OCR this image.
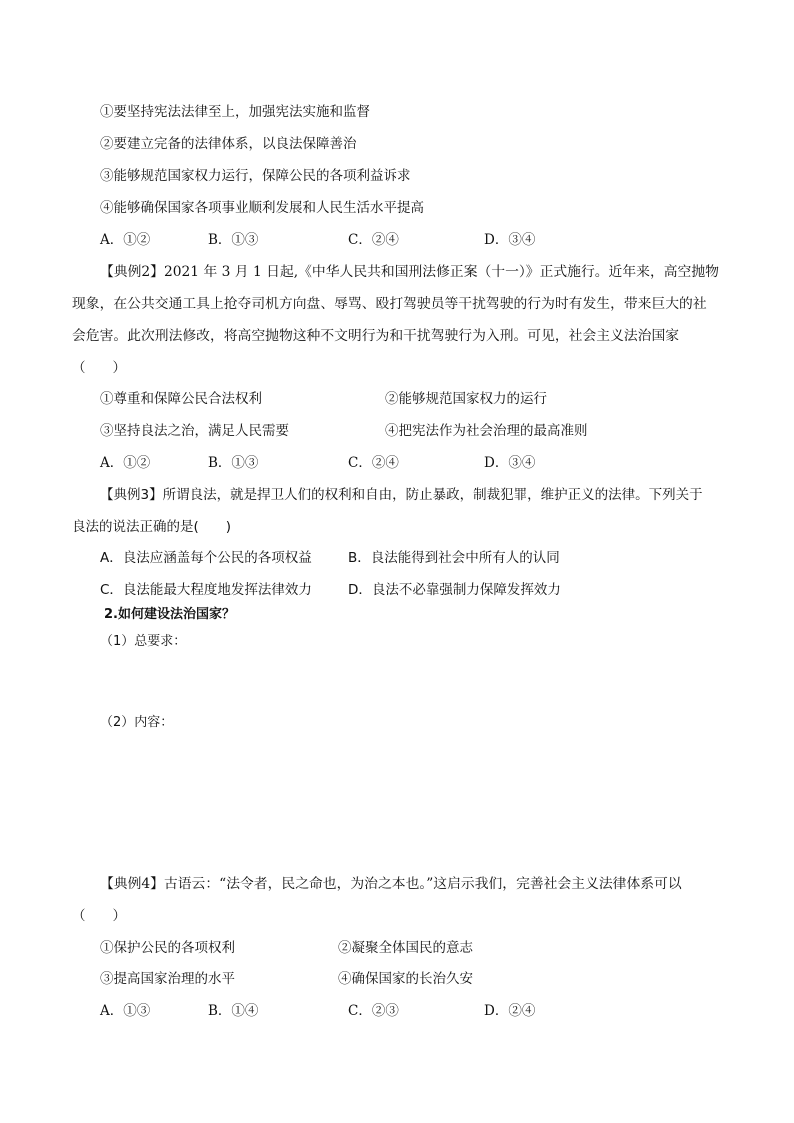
①要坚持宪法法律至上，加强宪法实施和监督
②要建立完备的法律体系，以良法保障善治
③能够规范国家权力运行，保障公民的各项利益诉求
④能够确保国家各项事业顺利发展和人民生活水平提高
A．①②	B．①③	C．②④	D．③④
【典例2】2021 年 3 月 1 日起,《中华人民共和国刑法修正案（十一）》正式施行。近年来，高空抛物
现象，在公共交通工具上抢夺司机方向盘、辱骂、殴打驾驶员等干扰驾驶的行为时有发生，带来巨大的社
会危害。此次刑法修改，将高空抛物这种不文明行为和干扰驾驶行为入刑。可见，社会主义法治国家
（　　）
①尊重和保障公民合法权利	②能够规范国家权力的运行
③坚持良法之治，满足人民需要	④把宪法作为社会治理的最高准则
A．①②	B．①③	C．②④	D．③④
【典例3】所谓良法，就是捍卫人们的权利和自由，防止暴政，制裁犯罪，维护正义的法律。下列关于
良法的说法正确的是(　　)
A．良法应涵盖每个公民的各项权益	B．良法能得到社会中所有人的认同
C．良法能最大程度地发挥法律效力	D．良法不必靠强制力保障发挥效力
2.如何建设法治国家？
（1）总要求：
（2）内容：
【典例4】古语云：“法令者，民之命也，为治之本也。”这启示我们，完善社会主义法律体系可以
（　　）
①保护公民的各项权利	②凝聚全体国民的意志
③提高国家治理的水平	④确保国家的长治久安
A．①③	B．①④	C．②③	D．②④
